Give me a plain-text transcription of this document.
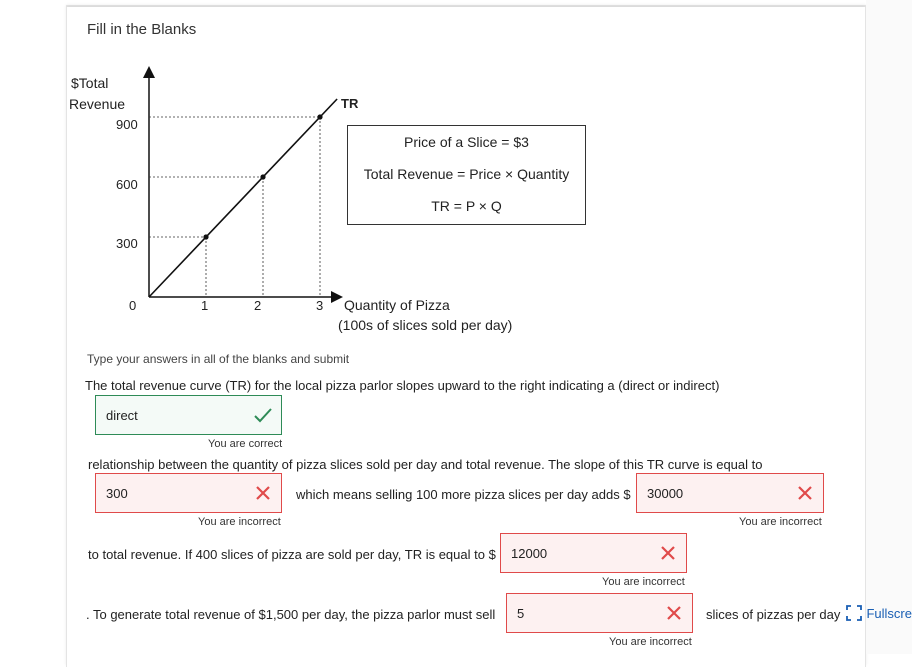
Fill in the Blanks
$Total
Revenue
900
600
300
0	1	2	3
TR
Quantity of Pizza
(100s of slices sold per day)
Price of a Slice = $3
Total Revenue = Price × Quantity
TR = P × Q
Type your answers in all of the blanks and submit
The total revenue curve (TR) for the local pizza parlor slopes upward to the right indicating a (direct or indirect)
direct
You are correct
relationship between the quantity of pizza slices sold per day and total revenue. The slope of this TR curve is equal to
300
You are incorrect
which means selling 100 more pizza slices per day adds $ 30000
You are incorrect
to total revenue. If 400 slices of pizza are sold per day, TR is equal to $ 12000
You are incorrect
. To generate total revenue of $1,500 per day, the pizza parlor must sell 5
You are incorrect
slices of pizzas per day	Fullscre
